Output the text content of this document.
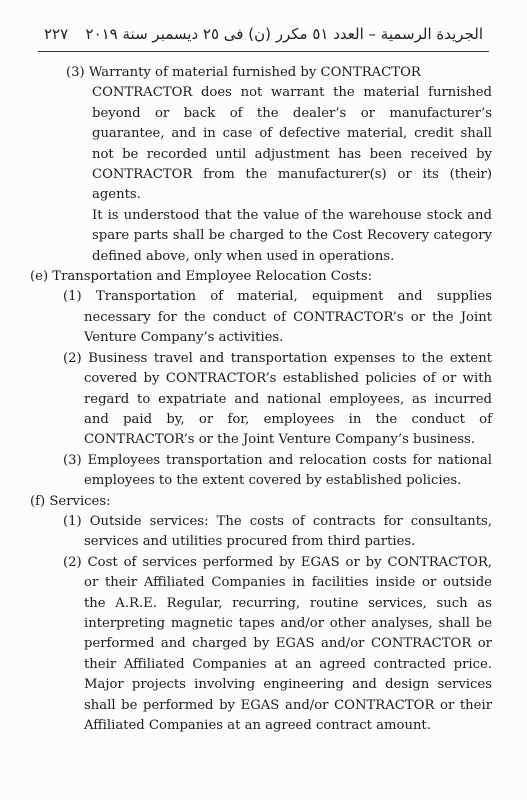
٢٢٧ الجريدة الرسمية – العدد ٥١ مكرر (ن) فى ٢٥ ديسمبر سنة ٢٠١٩

(3) Warranty of material furnished by CONTRACTOR

CONTRACTOR does not warrant the material furnished beyond or back of the dealer’s or manufacturer’s guarantee, and in case of defective material, credit shall not be recorded until adjustment has been received by CONTRACTOR from the manufacturer(s) or its (their) agents.

It is understood that the value of the warehouse stock and spare parts shall be charged to the Cost Recovery category defined above, only when used in operations.

(e) Transportation and Employee Relocation Costs:

(1) Transportation of material, equipment and supplies necessary for the conduct of CONTRACTOR’s or the Joint Venture Company’s activities.

(2) Business travel and transportation expenses to the extent covered by CONTRACTOR’s established policies of or with regard to expatriate and national employees, as incurred and paid by, or for, employees in the conduct of CONTRACTOR’s or the Joint Venture Company’s business.

(3) Employees transportation and relocation costs for national employees to the extent covered by established policies.

(f) Services:

(1) Outside services: The costs of contracts for consultants, services and utilities procured from third parties.

(2) Cost of services performed by EGAS or by CONTRACTOR, or their Affiliated Companies in facilities inside or outside the A.R.E. Regular, recurring, routine services, such as interpreting magnetic tapes and/or other analyses, shall be performed and charged by EGAS and/or CONTRACTOR or their Affiliated Companies at an agreed contracted price. Major projects involving engineering and design services shall be performed by EGAS and/or CONTRACTOR or their Affiliated Companies at an agreed contract amount.
